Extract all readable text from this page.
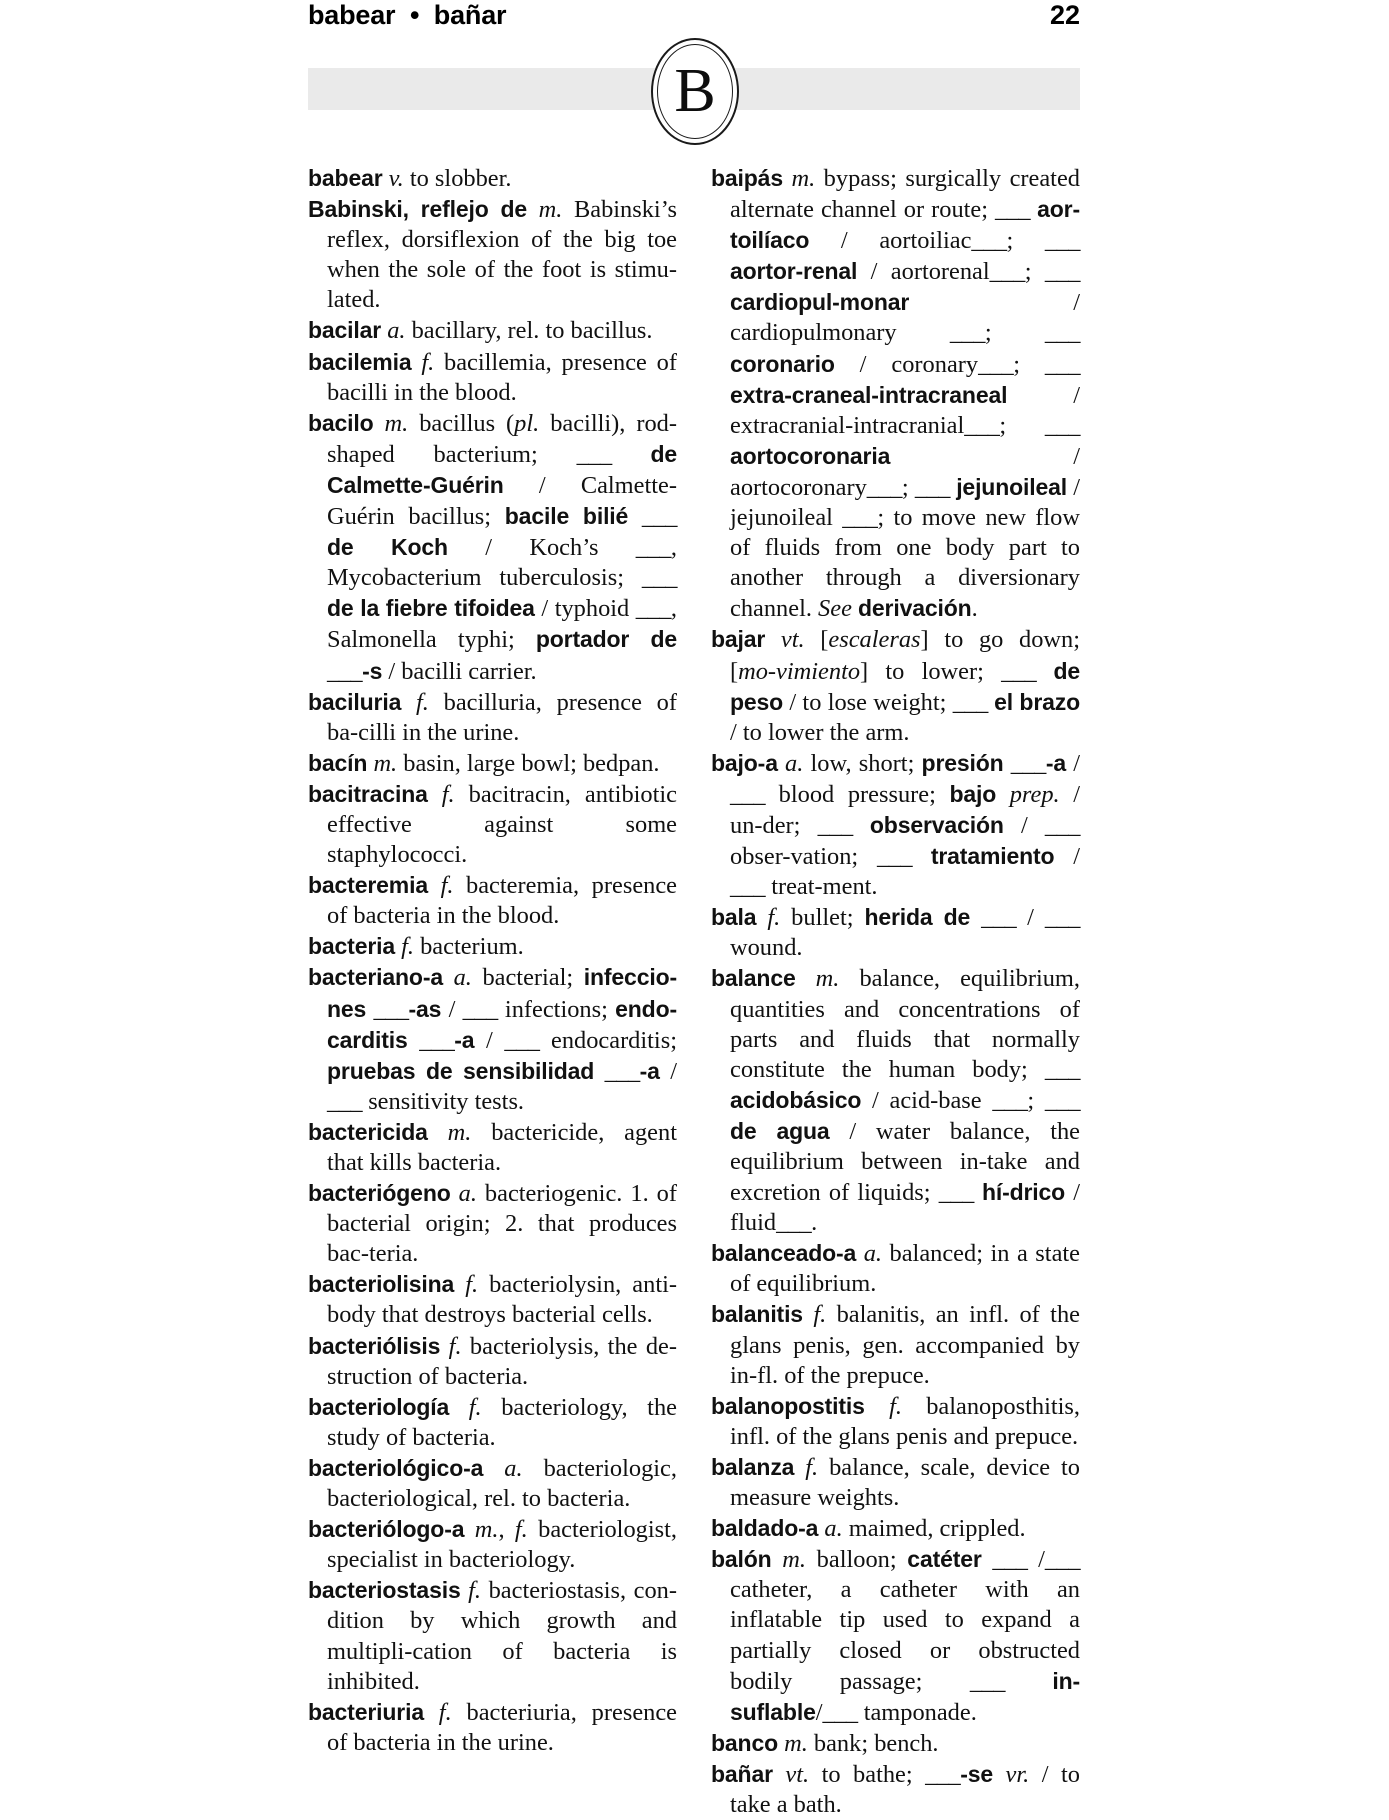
babear  •  bañar	22
B

babear v. to slobber.

Babinski, reflejo de m. Babinski’s reflex, dorsiflexion of the big toe when the sole of the foot is stimu-lated.

bacilar a. bacillary, rel. to bacillus.

bacilemia f. bacillemia, presence of bacilli in the blood.

bacilo m. bacillus (pl. bacilli), rod-shaped bacterium; ___ de Calmette-Guérin / Calmette-Guérin bacillus; bacile bilié ___ de Koch / Koch’s ___, Mycobacterium tuberculosis; ___ de la fiebre tifoidea / typhoid ___, Salmonella typhi; portador de ___-s / bacilli carrier.

baciluria f. bacilluria, presence of ba-cilli in the urine.

bacín m. basin, large bowl; bedpan.

bacitracina f. bacitracin, antibiotic effective against some staphylococci.

bacteremia f. bacteremia, presence of bacteria in the blood.

bacteria f. bacterium.

bacteriano-a a. bacterial; infeccio-nes ___-as / ___ infections; endo-carditis ___-a / ___ endocarditis; pruebas de sensibilidad ___-a / ___ sensitivity tests.

bactericida m. bactericide, agent that kills bacteria.

bacteriógeno a. bacteriogenic. 1. of bacterial origin; 2. that produces bac-teria.

bacteriolisina f. bacteriolysin, anti-body that destroys bacterial cells.

bacteriólisis f. bacteriolysis, the de-struction of bacteria.

bacteriología f. bacteriology, the study of bacteria.

bacteriológico-a a. bacteriologic, bacteriological, rel. to bacteria.

bacteriólogo-a m., f. bacteriologist, specialist in bacteriology.

bacteriostasis f. bacteriostasis, con-dition by which growth and multipli-cation of bacteria is inhibited.

bacteriuria f. bacteriuria, presence of bacteria in the urine.

baipás m. bypass; surgically created alternate channel or route; ___ aor-toilíaco / aortoiliac___; ___ aortor-renal / aortorenal___; ___ cardiopul-monar / cardiopulmonary ___; ___ coronario / coronary___; ___ extra-craneal-intracraneal / extracranial-intracranial___; ___ aortocoronaria / aortocoronary___; ___ jejunoileal / jejunoileal ___; to move new flow of fluids from one body part to another through a diversionary channel. See derivación.

bajar vt. [escaleras] to go down; [mo-vimiento] to lower; ___ de peso / to lose weight; ___ el brazo / to lower the arm.

bajo-a a. low, short; presión ___-a / ___ blood pressure; bajo prep. / un-der; ___ observación / ___ obser-vation; ___ tratamiento / ___ treat-ment.

bala f. bullet; herida de ___ / ___ wound.

balance m. balance, equilibrium, quantities and concentrations of parts and fluids that normally constitute the human body; ___ acidobásico / acid-base ___; ___ de agua / water balance, the equilibrium between in-take and excretion of liquids; ___ hí-drico / fluid___.

balanceado-a a. balanced; in a state of equilibrium.

balanitis f. balanitis, an infl. of the glans penis, gen. accompanied by in-fl. of the prepuce.

balanopostitis f. balanoposthitis, infl. of the glans penis and prepuce.

balanza f. balance, scale, device to measure weights.

baldado-a a. maimed, crippled.

balón m. balloon; catéter ___ /___ catheter, a catheter with an inflatable tip used to expand a partially closed or obstructed bodily passage; ___ in-suflable/___ tamponade.

banco m. bank; bench.

bañar vt. to bathe; ___-se vr. / to take a bath.
